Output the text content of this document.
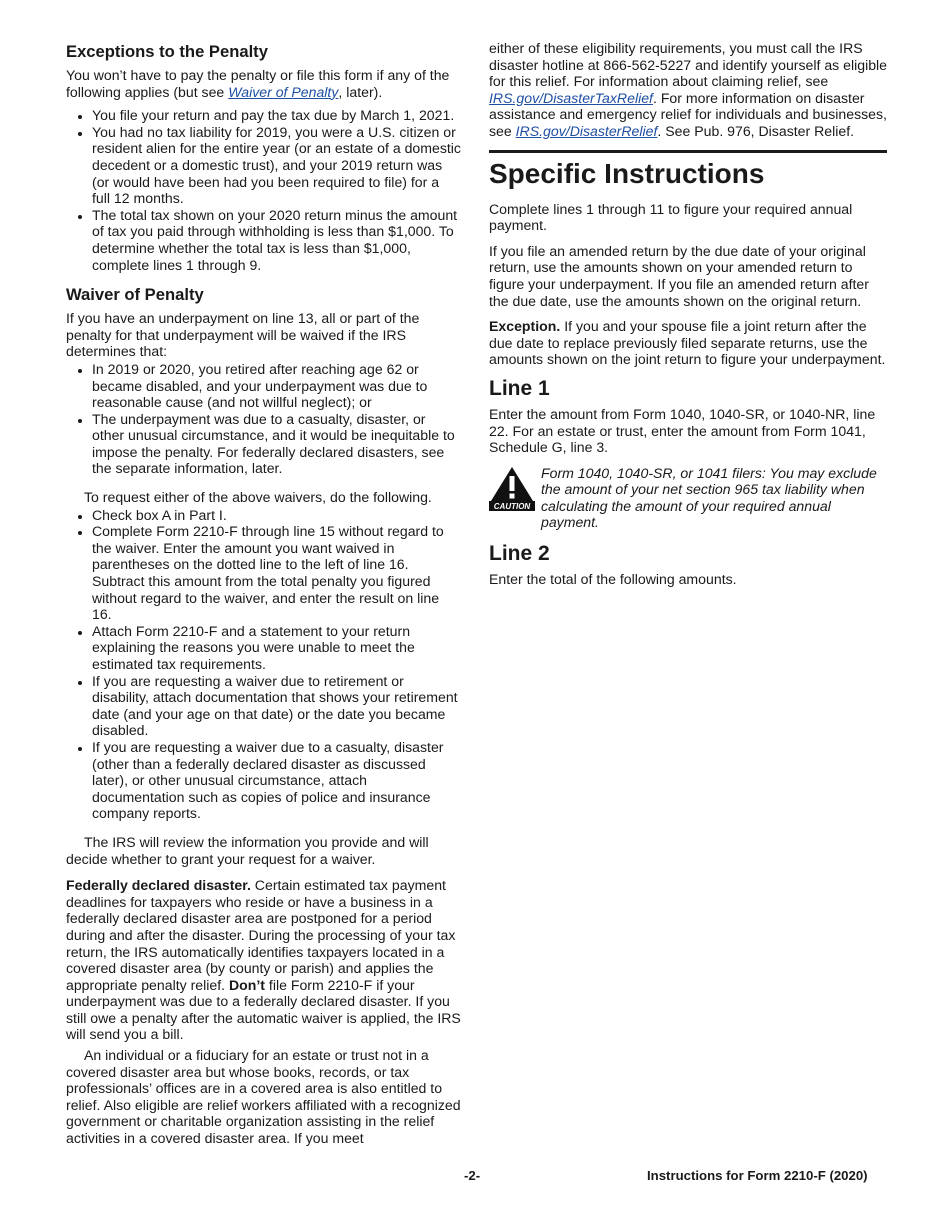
Exceptions to the Penalty

You won’t have to pay the penalty or file this form if any of the following applies (but see Waiver of Penalty, later).

• You file your return and pay the tax due by March 1, 2021.
• You had no tax liability for 2019, you were a U.S. citizen or resident alien for the entire year (or an estate of a domestic decedent or a domestic trust), and your 2019 return was (or would have been had you been required to file) for a full 12 months.
• The total tax shown on your 2020 return minus the amount of tax you paid through withholding is less than $1,000. To determine whether the total tax is less than $1,000, complete lines 1 through 9.
Waiver of Penalty

If you have an underpayment on line 13, all or part of the penalty for that underpayment will be waived if the IRS determines that:

• In 2019 or 2020, you retired after reaching age 62 or became disabled, and your underpayment was due to reasonable cause (and not willful neglect); or
• The underpayment was due to a casualty, disaster, or other unusual circumstance, and it would be inequitable to impose the penalty. For federally declared disasters, see the separate information, later.

To request either of the above waivers, do the following.

• Check box A in Part I.
• Complete Form 2210-F through line 15 without regard to the waiver. Enter the amount you want waived in parentheses on the dotted line to the left of line 16. Subtract this amount from the total penalty you figured without regard to the waiver, and enter the result on line 16.
• Attach Form 2210-F and a statement to your return explaining the reasons you were unable to meet the estimated tax requirements.
• If you are requesting a waiver due to retirement or disability, attach documentation that shows your retirement date (and your age on that date) or the date you became disabled.
• If you are requesting a waiver due to a casualty, disaster (other than a federally declared disaster as discussed later), or other unusual circumstance, attach documentation such as copies of police and insurance company reports.

The IRS will review the information you provide and will decide whether to grant your request for a waiver.

Federally declared disaster. Certain estimated tax payment deadlines for taxpayers who reside or have a business in a federally declared disaster area are postponed for a period during and after the disaster. During the processing of your tax return, the IRS automatically identifies taxpayers located in a covered disaster area (by county or parish) and applies the appropriate penalty relief. Don’t file Form 2210-F if your underpayment was due to a federally declared disaster. If you still owe a penalty after the automatic waiver is applied, the IRS will send you a bill.

An individual or a fiduciary for an estate or trust not in a covered disaster area but whose books, records, or tax professionals’ offices are in a covered area is also entitled to relief. Also eligible are relief workers affiliated with a recognized government or charitable organization assisting in the relief activities in a covered disaster area. If you meet

either of these eligibility requirements, you must call the IRS disaster hotline at 866-562-5227 and identify yourself as eligible for this relief. For information about claiming relief, see IRS.gov/DisasterTaxRelief. For more information on disaster assistance and emergency relief for individuals and businesses, see IRS.gov/DisasterRelief. See Pub. 976, Disaster Relief.

Specific Instructions

Complete lines 1 through 11 to figure your required annual payment.

If you file an amended return by the due date of your original return, use the amounts shown on your amended return to figure your underpayment. If you file an amended return after the due date, use the amounts shown on the original return.

Exception. If you and your spouse file a joint return after the due date to replace previously filed separate returns, use the amounts shown on the joint return to figure your underpayment.

Line 1

Enter the amount from Form 1040, 1040-SR, or 1040-NR, line 22. For an estate or trust, enter the amount from Form 1041, Schedule G, line 3.

CAUTION
Form 1040, 1040-SR, or 1041 filers: You may exclude the amount of your net section 965 tax liability when calculating the amount of your required annual payment.
Line 2

Enter the total of the following amounts.

-2-	Instructions for Form 2210-F (2020)
